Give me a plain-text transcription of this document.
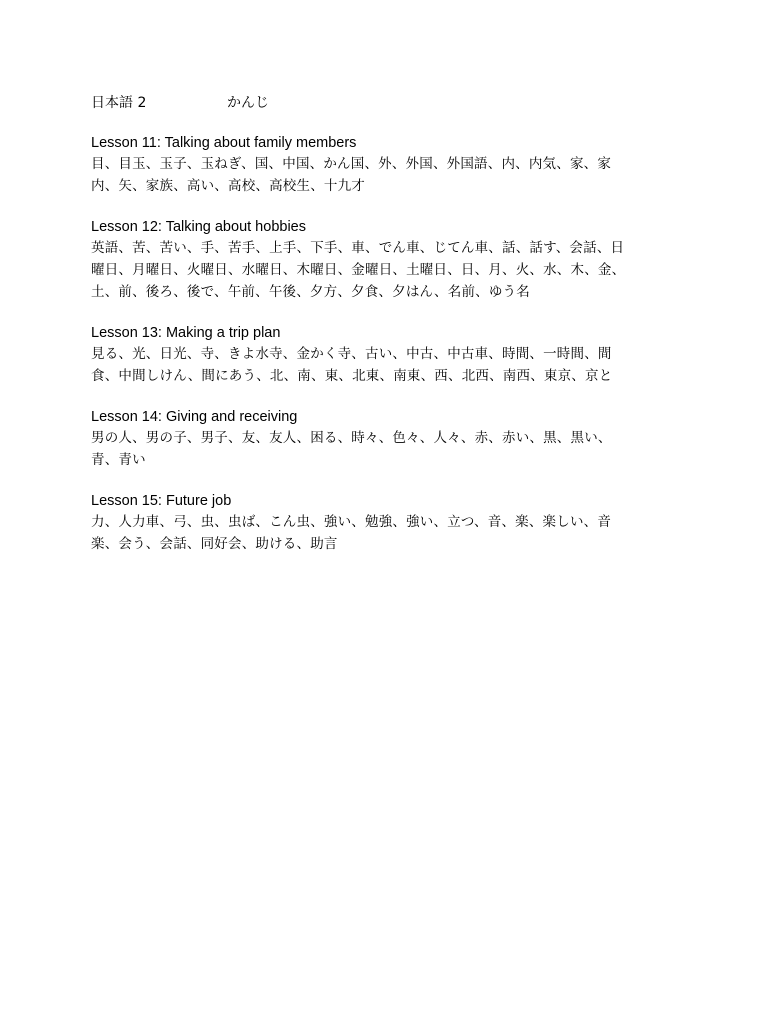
日本語 2	かんじ
Lesson 11: Talking about family members
目、目玉、玉子、玉ねぎ、国、中国、かん国、外、外国、外国語、内、内気、家、家
内、矢、家族、高い、高校、高校生、十九才
Lesson 12: Talking about hobbies
英語、苦、苦い、手、苦手、上手、下手、車、でん車、じてん車、話、話す、会話、日
曜日、月曜日、火曜日、水曜日、木曜日、金曜日、土曜日、日、月、火、水、木、金、
土、前、後ろ、後で、午前、午後、夕方、夕食、夕はん、名前、ゆう名
Lesson 13: Making a trip plan
見る、光、日光、寺、きよ水寺、金かく寺、古い、中古、中古車、時間、一時間、間
食、中間しけん、間にあう、北、南、東、北東、南東、西、北西、南西、東京、京と
Lesson 14: Giving and receiving
男の人、男の子、男子、友、友人、困る、時々、色々、人々、赤、赤い、黒、黒い、
青、青い
Lesson 15: Future job
力、人力車、弓、虫、虫ば、こん虫、強い、勉強、強い、立つ、音、楽、楽しい、音
楽、会う、会話、同好会、助ける、助言
